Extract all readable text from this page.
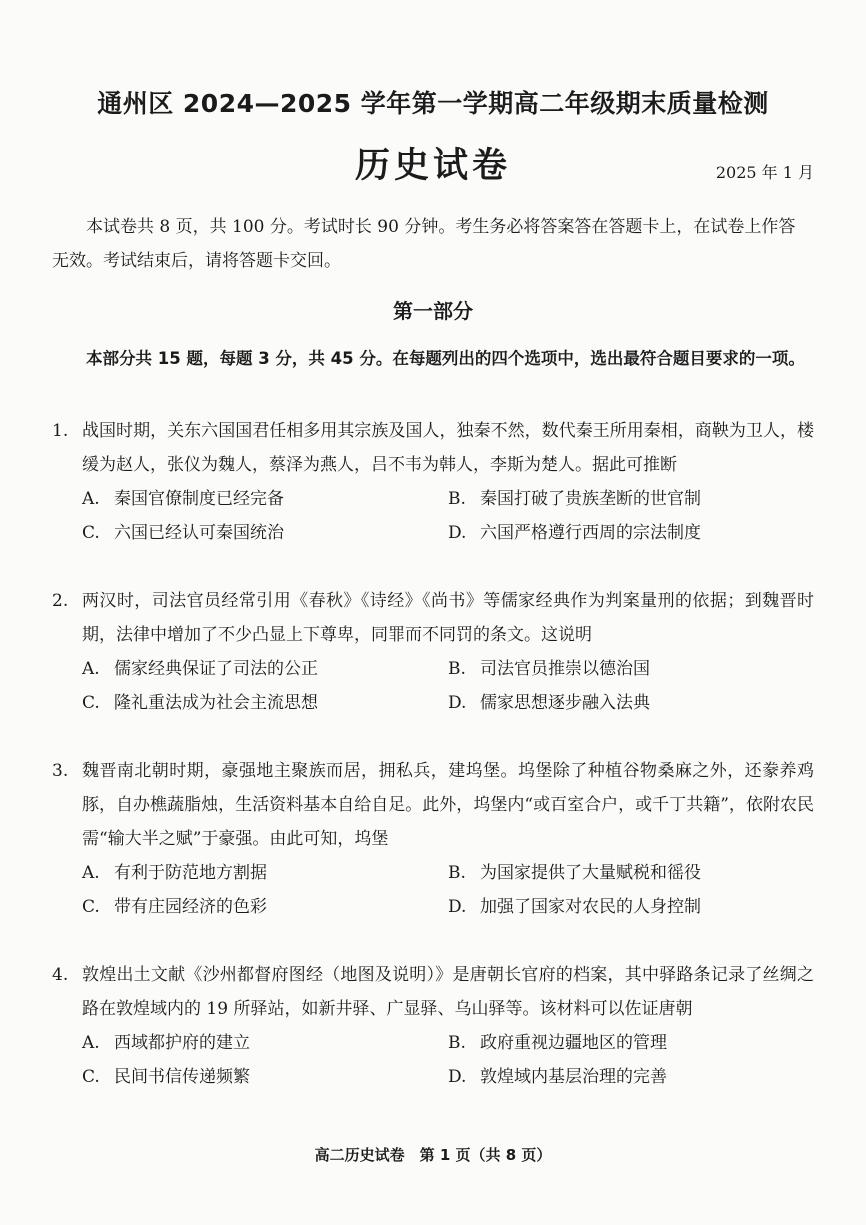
通州区 2024—2025 学年第一学期高二年级期末质量检测
历史试卷	2025 年 1 月
本试卷共 8 页，共 100 分。考试时长 90 分钟。考生务必将答案答在答题卡上，在试卷上作答无效。考试结束后，请将答题卡交回。
第一部分
本部分共 15 题，每题 3 分，共 45 分。在每题列出的四个选项中，选出最符合题目要求的一项。
1. 战国时期，关东六国国君任相多用其宗族及国人，独秦不然，数代秦王所用秦相，商鞅为卫人，楼缓为赵人，张仪为魏人，蔡泽为燕人，吕不韦为韩人，李斯为楚人。据此可推断
A. 秦国官僚制度已经完备	B. 秦国打破了贵族垄断的世官制
C. 六国已经认可秦国统治	D. 六国严格遵行西周的宗法制度
2. 两汉时，司法官员经常引用《春秋》《诗经》《尚书》等儒家经典作为判案量刑的依据；到魏晋时期，法律中增加了不少凸显上下尊卑，同罪而不同罚的条文。这说明
A. 儒家经典保证了司法的公正	B. 司法官员推崇以德治国
C. 隆礼重法成为社会主流思想	D. 儒家思想逐步融入法典
3. 魏晋南北朝时期，豪强地主聚族而居，拥私兵，建坞堡。坞堡除了种植谷物桑麻之外，还豢养鸡豚，自办樵蔬脂烛，生活资料基本自给自足。此外，坞堡内“或百室合户，或千丁共籍”，依附农民需“输大半之赋”于豪强。由此可知，坞堡
A. 有利于防范地方割据	B. 为国家提供了大量赋税和徭役
C. 带有庄园经济的色彩	D. 加强了国家对农民的人身控制
4. 敦煌出土文献《沙州都督府图经（地图及说明）》是唐朝长官府的档案，其中驿路条记录了丝绸之路在敦煌域内的 19 所驿站，如新井驿、广显驿、乌山驿等。该材料可以佐证唐朝
A. 西域都护府的建立	B. 政府重视边疆地区的管理
C. 民间书信传递频繁	D. 敦煌域内基层治理的完善
高二历史试卷　第 1 页（共 8 页）
